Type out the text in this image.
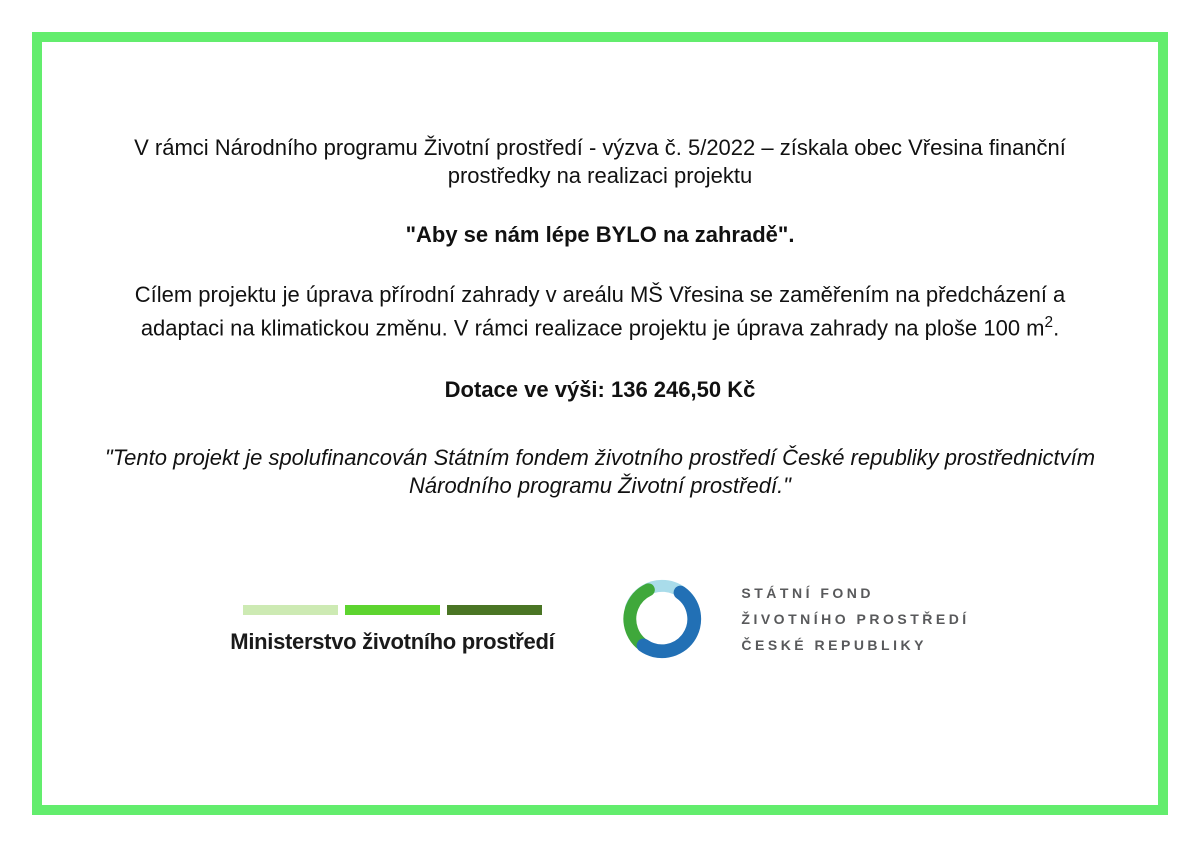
V rámci Národního programu Životní prostředí - výzva č. 5/2022 – získala obec Vřesina finanční prostředky na realizaci projektu

"Aby se nám lépe BYLO na zahradě".

Cílem projektu je úprava přírodní zahrady v areálu MŠ Vřesina se zaměřením na předcházení a adaptaci na klimatickou změnu. V rámci realizace projektu je úprava zahrady na ploše 100 $m^2$.

Dotace ve výši: 136 246,50 Kč

"Tento projekt je spolufinancován Státním fondem životního prostředí České republiky prostřednictvím Národního programu Životní prostředí."

Ministerstvo životního prostředí
STÁTNÍ FOND
ŽIVOTNÍHO PROSTŘEDÍ
ČESKÉ REPUBLIKY
